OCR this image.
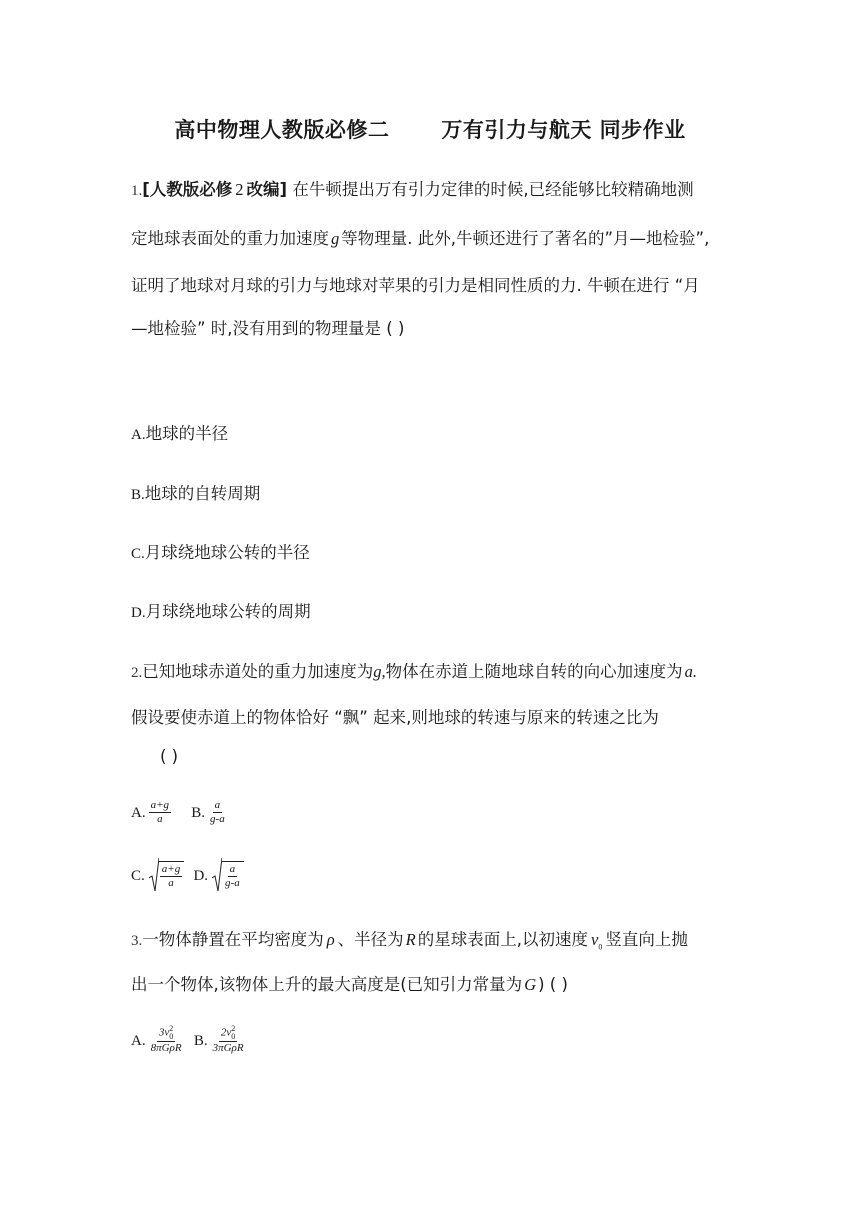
高中物理人教版必修二 万有引力与航天 同步作业
1.[人教版必修 2 改编] 在牛顿提出万有引力定律的时候,已经能够比较精确地测
定地球表面处的重力加速度 g 等物理量. 此外,牛顿还进行了著名的”月—地检验”,
证明了地球对月球的引力与地球对苹果的引力是相同性质的力. 牛顿在进行 “月
—地检验” 时,没有用到的物理量是 ( )
A.地球的半径
B.地球的自转周期
C.月球绕地球公转的半径
D.月球绕地球公转的周期
2.已知地球赤道处的重力加速度为g,物体在赤道上随地球自转的向心加速度为 a.
假设要使赤道上的物体恰好 “飘” 起来,则地球的转速与原来的转速之比为
( )
A. $\frac{a+g}{a} B$. $\frac{a}{g-a}$
C. $\frac{a+g}{a} D$. $\frac{a}{g-a}$
3.一物体静置在平均密度为 ρ 、半径为 R 的星球表面上,以初速度 $v_0$ 竖直向上抛
出一个物体,该物体上升的最大高度是(已知引力常量为 G ) ( )
A. 3v 2
0
8πGρR B. 2v 2
0
3πGρR
